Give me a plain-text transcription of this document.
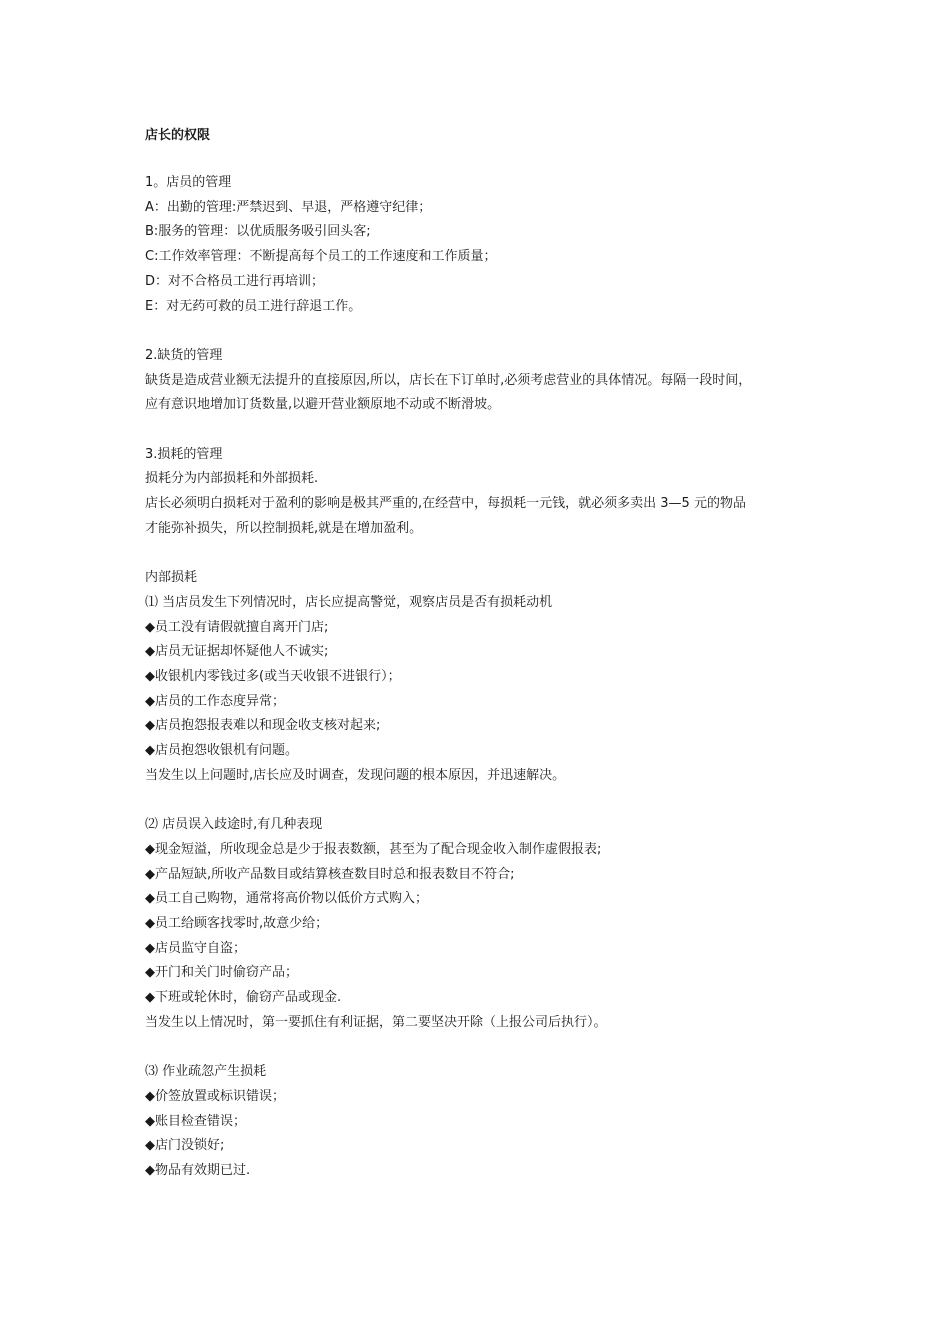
店长的权限
1。店员的管理
A：出勤的管理:严禁迟到、早退，严格遵守纪律；
B:服务的管理：以优质服务吸引回头客;
C:工作效率管理：不断提高每个员工的工作速度和工作质量；
D：对不合格员工进行再培训；
E：对无药可救的员工进行辞退工作。
2.缺货的管理
缺货是造成营业额无法提升的直接原因,所以，店长在下订单时,必须考虑营业的具体情况。每隔一段时间，
应有意识地增加订货数量,以避开营业额原地不动或不断滑坡。
3.损耗的管理
损耗分为内部损耗和外部损耗.
店长必须明白损耗对于盈利的影响是极其严重的,在经营中，每损耗一元钱，就必须多卖出 3—5 元的物品
才能弥补损失，所以控制损耗,就是在增加盈利。
内部损耗
⑴ 当店员发生下列情况时，店长应提高警觉，观察店员是否有损耗动机
◆员工没有请假就擅自离开门店;
◆店员无证据却怀疑他人不诚实;
◆收银机内零钱过多(或当天收银不进银行）；
◆店员的工作态度异常；
◆店员抱怨报表难以和现金收支核对起来;
◆店员抱怨收银机有问题。
当发生以上问题时,店长应及时调查，发现问题的根本原因，并迅速解决。
⑵ 店员误入歧途时,有几种表现
◆现金短溢，所收现金总是少于报表数额，甚至为了配合现金收入制作虚假报表;
◆产品短缺,所收产品数目或结算核查数目时总和报表数目不符合;
◆员工自己购物，通常将高价物以低价方式购入；
◆员工给顾客找零时,故意少给；
◆店员监守自盗；
◆开门和关门时偷窃产品；
◆下班或轮休时，偷窃产品或现金.
当发生以上情况时，第一要抓住有利证据，第二要坚决开除（上报公司后执行）。
⑶ 作业疏忽产生损耗
◆价签放置或标识错误；
◆账目检查错误；
◆店门没锁好;
◆物品有效期已过.
